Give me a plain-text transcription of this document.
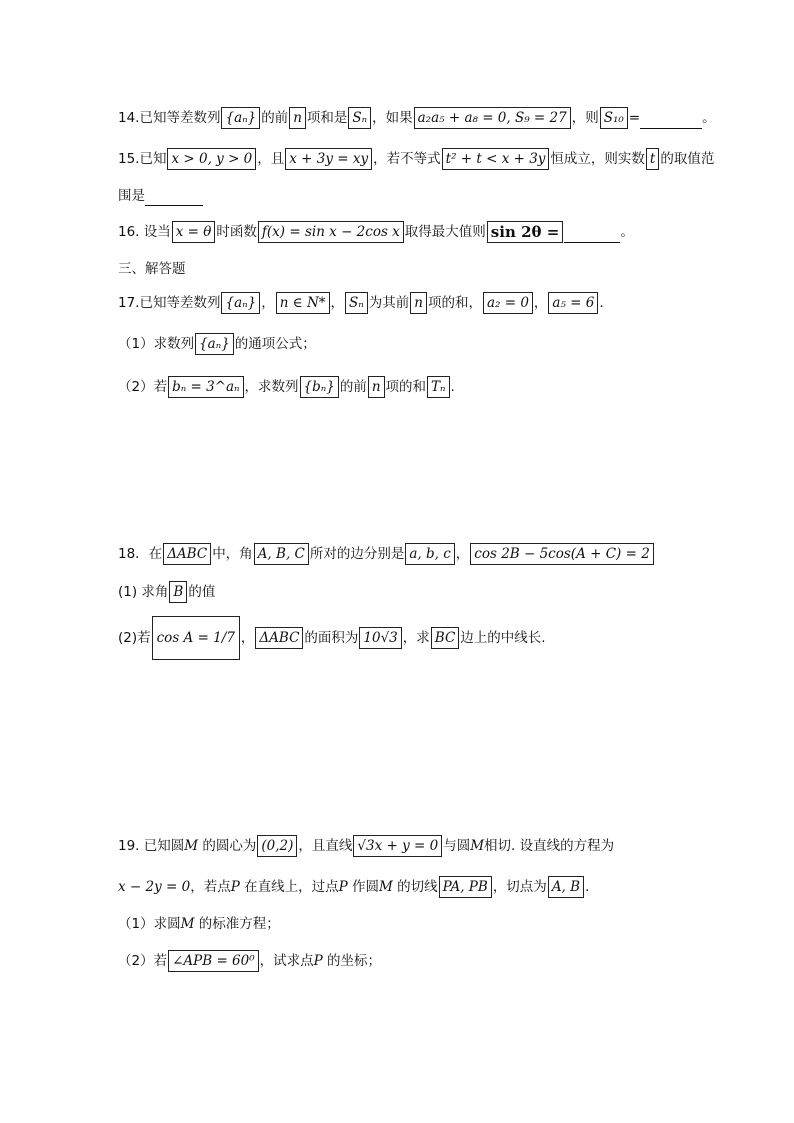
14.已知等差数列 {aₙ} 的前 n 项和是 Sₙ ，如果 a₂a₅ + a₈ = 0, S₉ = 27 ，则 S₁₀ =	。
15.已知 x > 0, y > 0 ，且 x + 3y = xy ，若不等式 t² + t < x + 3y 恒成立，则实数 t 的取值范
围是
16. 设当 x = θ 时函数 f(x) = sin x − 2cos x 取得最大值则 sin 2θ =	。
三、解答题
17.已知等差数列 {aₙ} ， n ∈ N* ， Sₙ 为其前 n 项的和， a₂ = 0 ， a₅ = 6 .
（1）求数列 {aₙ} 的通项公式；
（2）若 bₙ = 3^aₙ ，求数列 {bₙ} 的前 n 项的和 Tₙ .
18．在 ΔABC 中，角 A, B, C 所对的边分别是 a, b, c ， cos 2B − 5cos(A + C) = 2
(1) 求角 B 的值
(2)若 cos A = 1/7 ， ΔABC 的面积为 10√3 ，求 BC 边上的中线长.
19. 已知圆M 的圆心为 (0,2) ，且直线 √3x + y = 0 与圆M相切. 设直线的方程为
x − 2y = 0，若点P 在直线上，过点P 作圆M 的切线 PA, PB ，切点为 A, B .
（1）求圆M 的标准方程；
（2）若 ∠APB = 60⁰ ，试求点P 的坐标；
